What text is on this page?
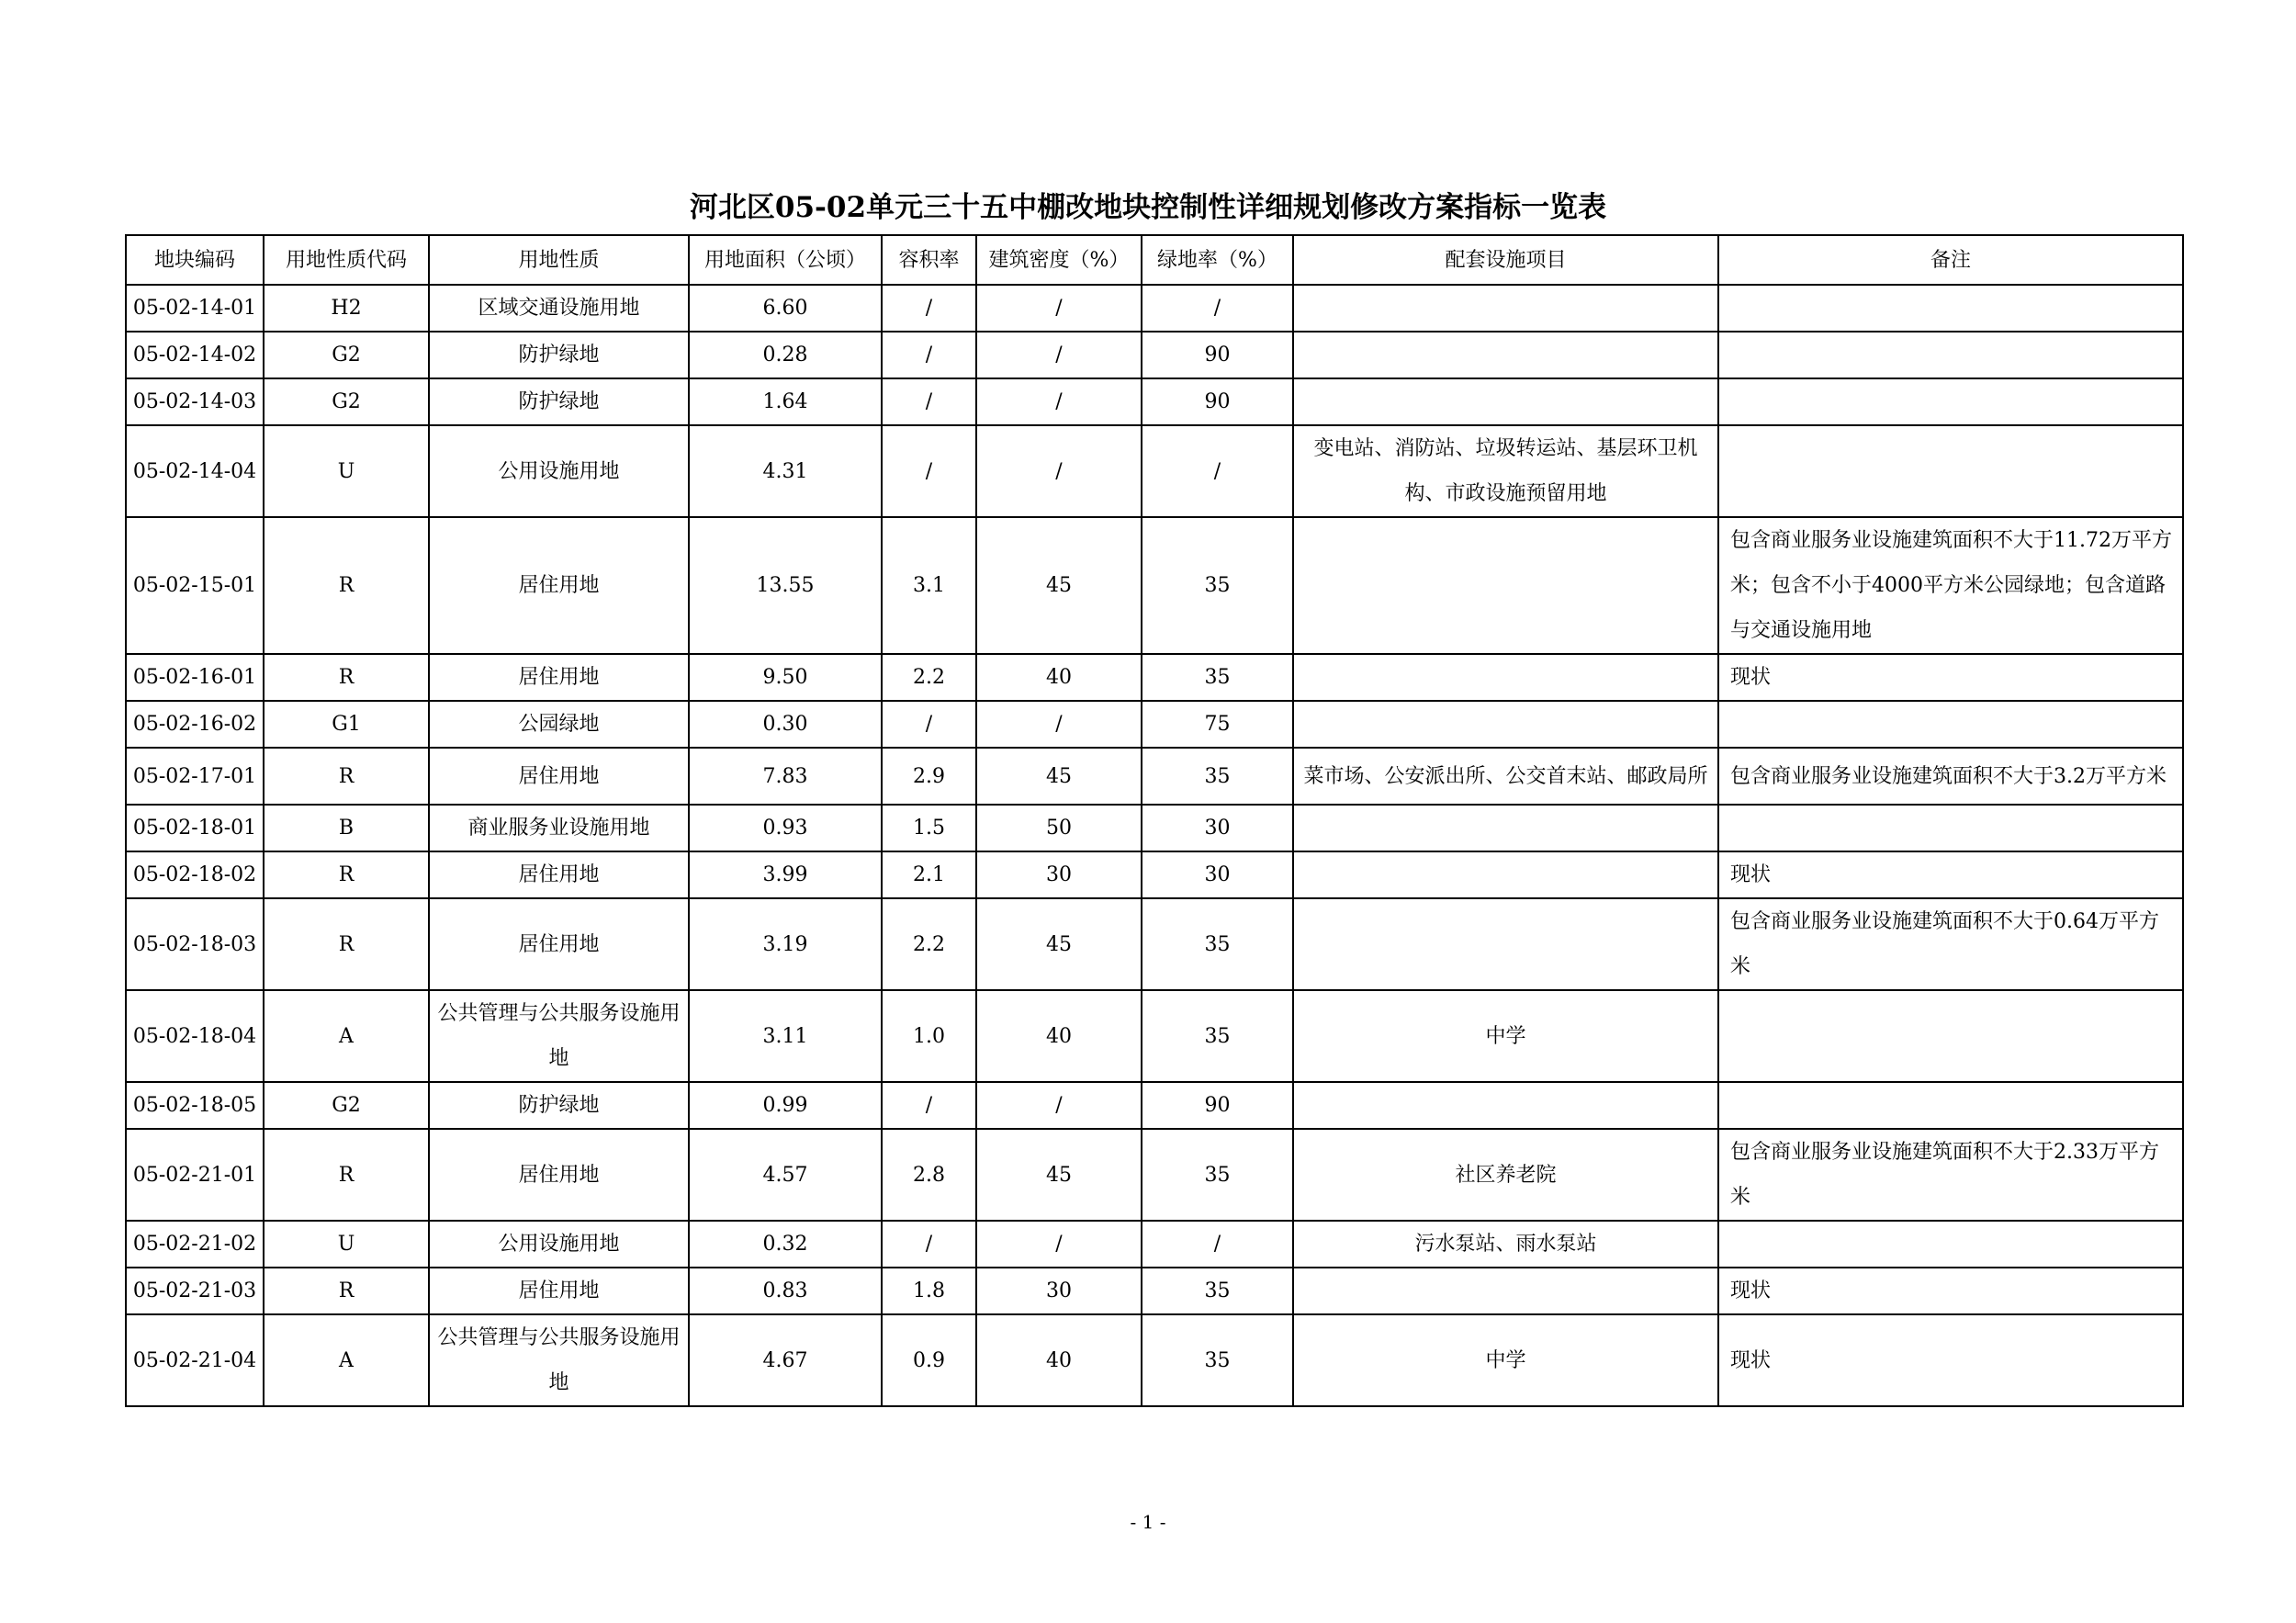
河北区05-02单元三十五中棚改地块控制性详细规划修改方案指标一览表
地块编码	用地性质代码	用地性质	用地面积（公顷）	容积率	建筑密度（%）	绿地率（%）	配套设施项目	备注
05-02-14-01	H2	区域交通设施用地	6.60	/	/	/		
05-02-14-02	G2	防护绿地	0.28	/	/	90		
05-02-14-03	G2	防护绿地	1.64	/	/	90		
05-02-14-04	U	公用设施用地	4.31	/	/	/	变电站、消防站、垃圾转运站、基层环卫机构、市政设施预留用地	
05-02-15-01	R	居住用地	13.55	3.1	45	35		包含商业服务业设施建筑面积不大于11.72万平方米；包含不小于4000平方米公园绿地；包含道路与交通设施用地
05-02-16-01	R	居住用地	9.50	2.2	40	35		现状
05-02-16-02	G1	公园绿地	0.30	/	/	75		
05-02-17-01	R	居住用地	7.83	2.9	45	35	菜市场、公安派出所、公交首末站、邮政局所	包含商业服务业设施建筑面积不大于3.2万平方米
05-02-18-01	B	商业服务业设施用地	0.93	1.5	50	30		
05-02-18-02	R	居住用地	3.99	2.1	30	30		现状
05-02-18-03	R	居住用地	3.19	2.2	45	35		包含商业服务业设施建筑面积不大于0.64万平方米
05-02-18-04	A	公共管理与公共服务设施用地	3.11	1.0	40	35	中学	
05-02-18-05	G2	防护绿地	0.99	/	/	90		
05-02-21-01	R	居住用地	4.57	2.8	45	35	社区养老院	包含商业服务业设施建筑面积不大于2.33万平方米
05-02-21-02	U	公用设施用地	0.32	/	/	/	污水泵站、雨水泵站	
05-02-21-03	R	居住用地	0.83	1.8	30	35		现状
05-02-21-04	A	公共管理与公共服务设施用地	4.67	0.9	40	35	中学	现状
- 1 -
